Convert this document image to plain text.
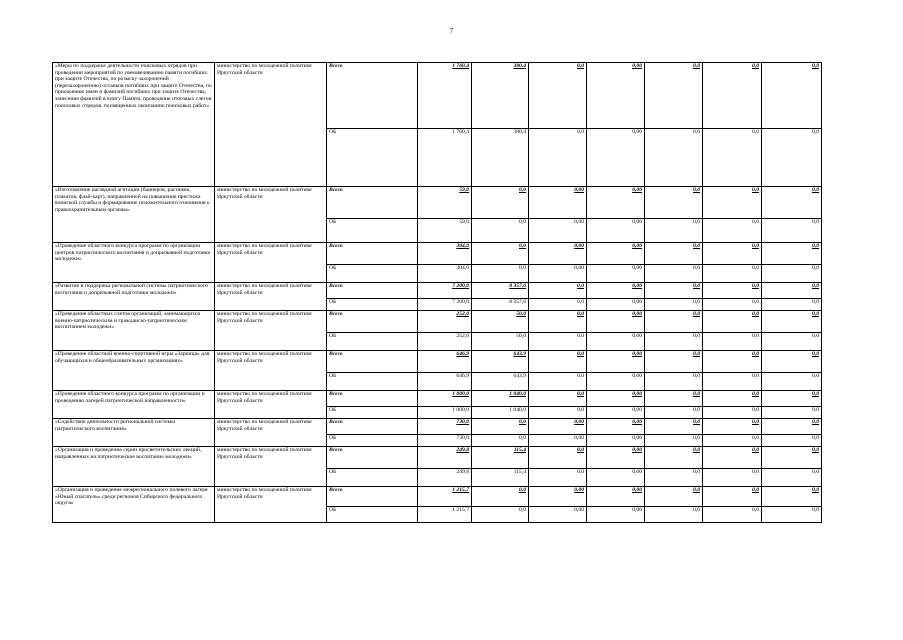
7
«Меры по поддержке деятельности поисковых отрядов при проведении мероприятий по увековечиванию памяти погибших при защите Отечества, по розыску захоронений (перезахоронению) останков погибших при защите Отечества, по присвоению имен и фамилий погибших при защите Отечества, занесение фамилий в книгу Памяти, проведение итоговых слетов поисковых отрядов, посвященных окончанию поисковых работ»	министерство по молодежной политике Иркутской области	Всего	1 760,4	380,4	0,0	0,00	0,0	0,0	0,0
		ОБ	1 760,4	380,4	0,0	0,00	0,0	0,0	0,0
«Изготовление наглядной агитации (баннеров, растяжек, плакатов, флай-карт), направленной на повышение престижа воинской службы и формирование положительного отношения к правоохранительным органам»	министерство по молодежной политике Иркутской области	Всего	59,0	0,0	0,00	0,00	0,0	0,0	0,0
		ОБ	59,0	0,0	0,00	0,00	0,0	0,0	0,0
«Проведение областного конкурса программ по организации центров патриотического воспитания и допризывной подготовки молодежи»	министерство по молодежной политике Иркутской области	Всего	304,0	0,0	0,00	0,00	0,0	0,0	0,0
		ОБ	304,0	0,0	0,00	0,00	0,0	0,0	0,0
«Развитие и поддержка региональной системы патриотического воспитания и допризывной подготовки молодежи»	министерство по молодежной политике Иркутской области	Всего	7 200,0	8 357,6	0,0	0,00	0,0	0,0	0,0
		ОБ	7 200,0	8 357,6	0,0	0,00	0,0	0,0	0,0
«Проведение областных слетов организаций, занимающихся военно-патриотическим и гражданско-патриотическим воспитанием молодежи»	министерство по молодежной политике Иркутской области	Всего	252,0	50,0	0,0	0,00	0,0	0,0	0,0
		ОБ	252,0	50,0	0,0	0,00	0,0	0,0	0,0
«Проведение областной военно-спортивной игры «Зарница» для обучающихся в общеобразовательных организациях»	министерство по молодежной политике Иркутской области	Всего	646,9	643,9	0,0	0,00	0,0	0,0	0,0
		ОБ	646,9	643,9	0,0	0,00	0,0	0,0	0,0
«Проведение областного конкурса программ по организации и проведению лагерей патриотической направленности»	министерство по молодежной политике Иркутской области	Всего	1 000,0	1 040,0	0,0	0,00	0,0	0,0	0,0
		ОБ	1 000,0	1 040,0	0,0	0,00	0,0	0,0	0,0
«Содействие деятельности региональной системы патриотического воспитания»	министерство по молодежной политике Иркутской области	Всего	730,0	0,0	0,00	0,00	0,0	0,0	0,0
		ОБ	730,0	0,0	0,00	0,00	0,0	0,0	0,0
«Организация и проведение серии просветительских лекций, направленных на патриотическое воспитание молодежи»	министерство по молодежной политике Иркутской области	Всего	249,8	115,4	0,0	0,00	0,0	0,0	0,0
		ОБ	249,8	115,4	0,0	0,00	0,0	0,0	0,0
«Организация и проведение межрегионального полевого лагеря «Юный спасатель» среди регионов Сибирского федерального округа»	министерство по молодежной политике Иркутской области	Всего	1 215,7	0,0	0,00	0,00	0,0	0,0	0,0
		ОБ	1 215,7	0,0	0,00	0,00	0,0	0,0	0,0
